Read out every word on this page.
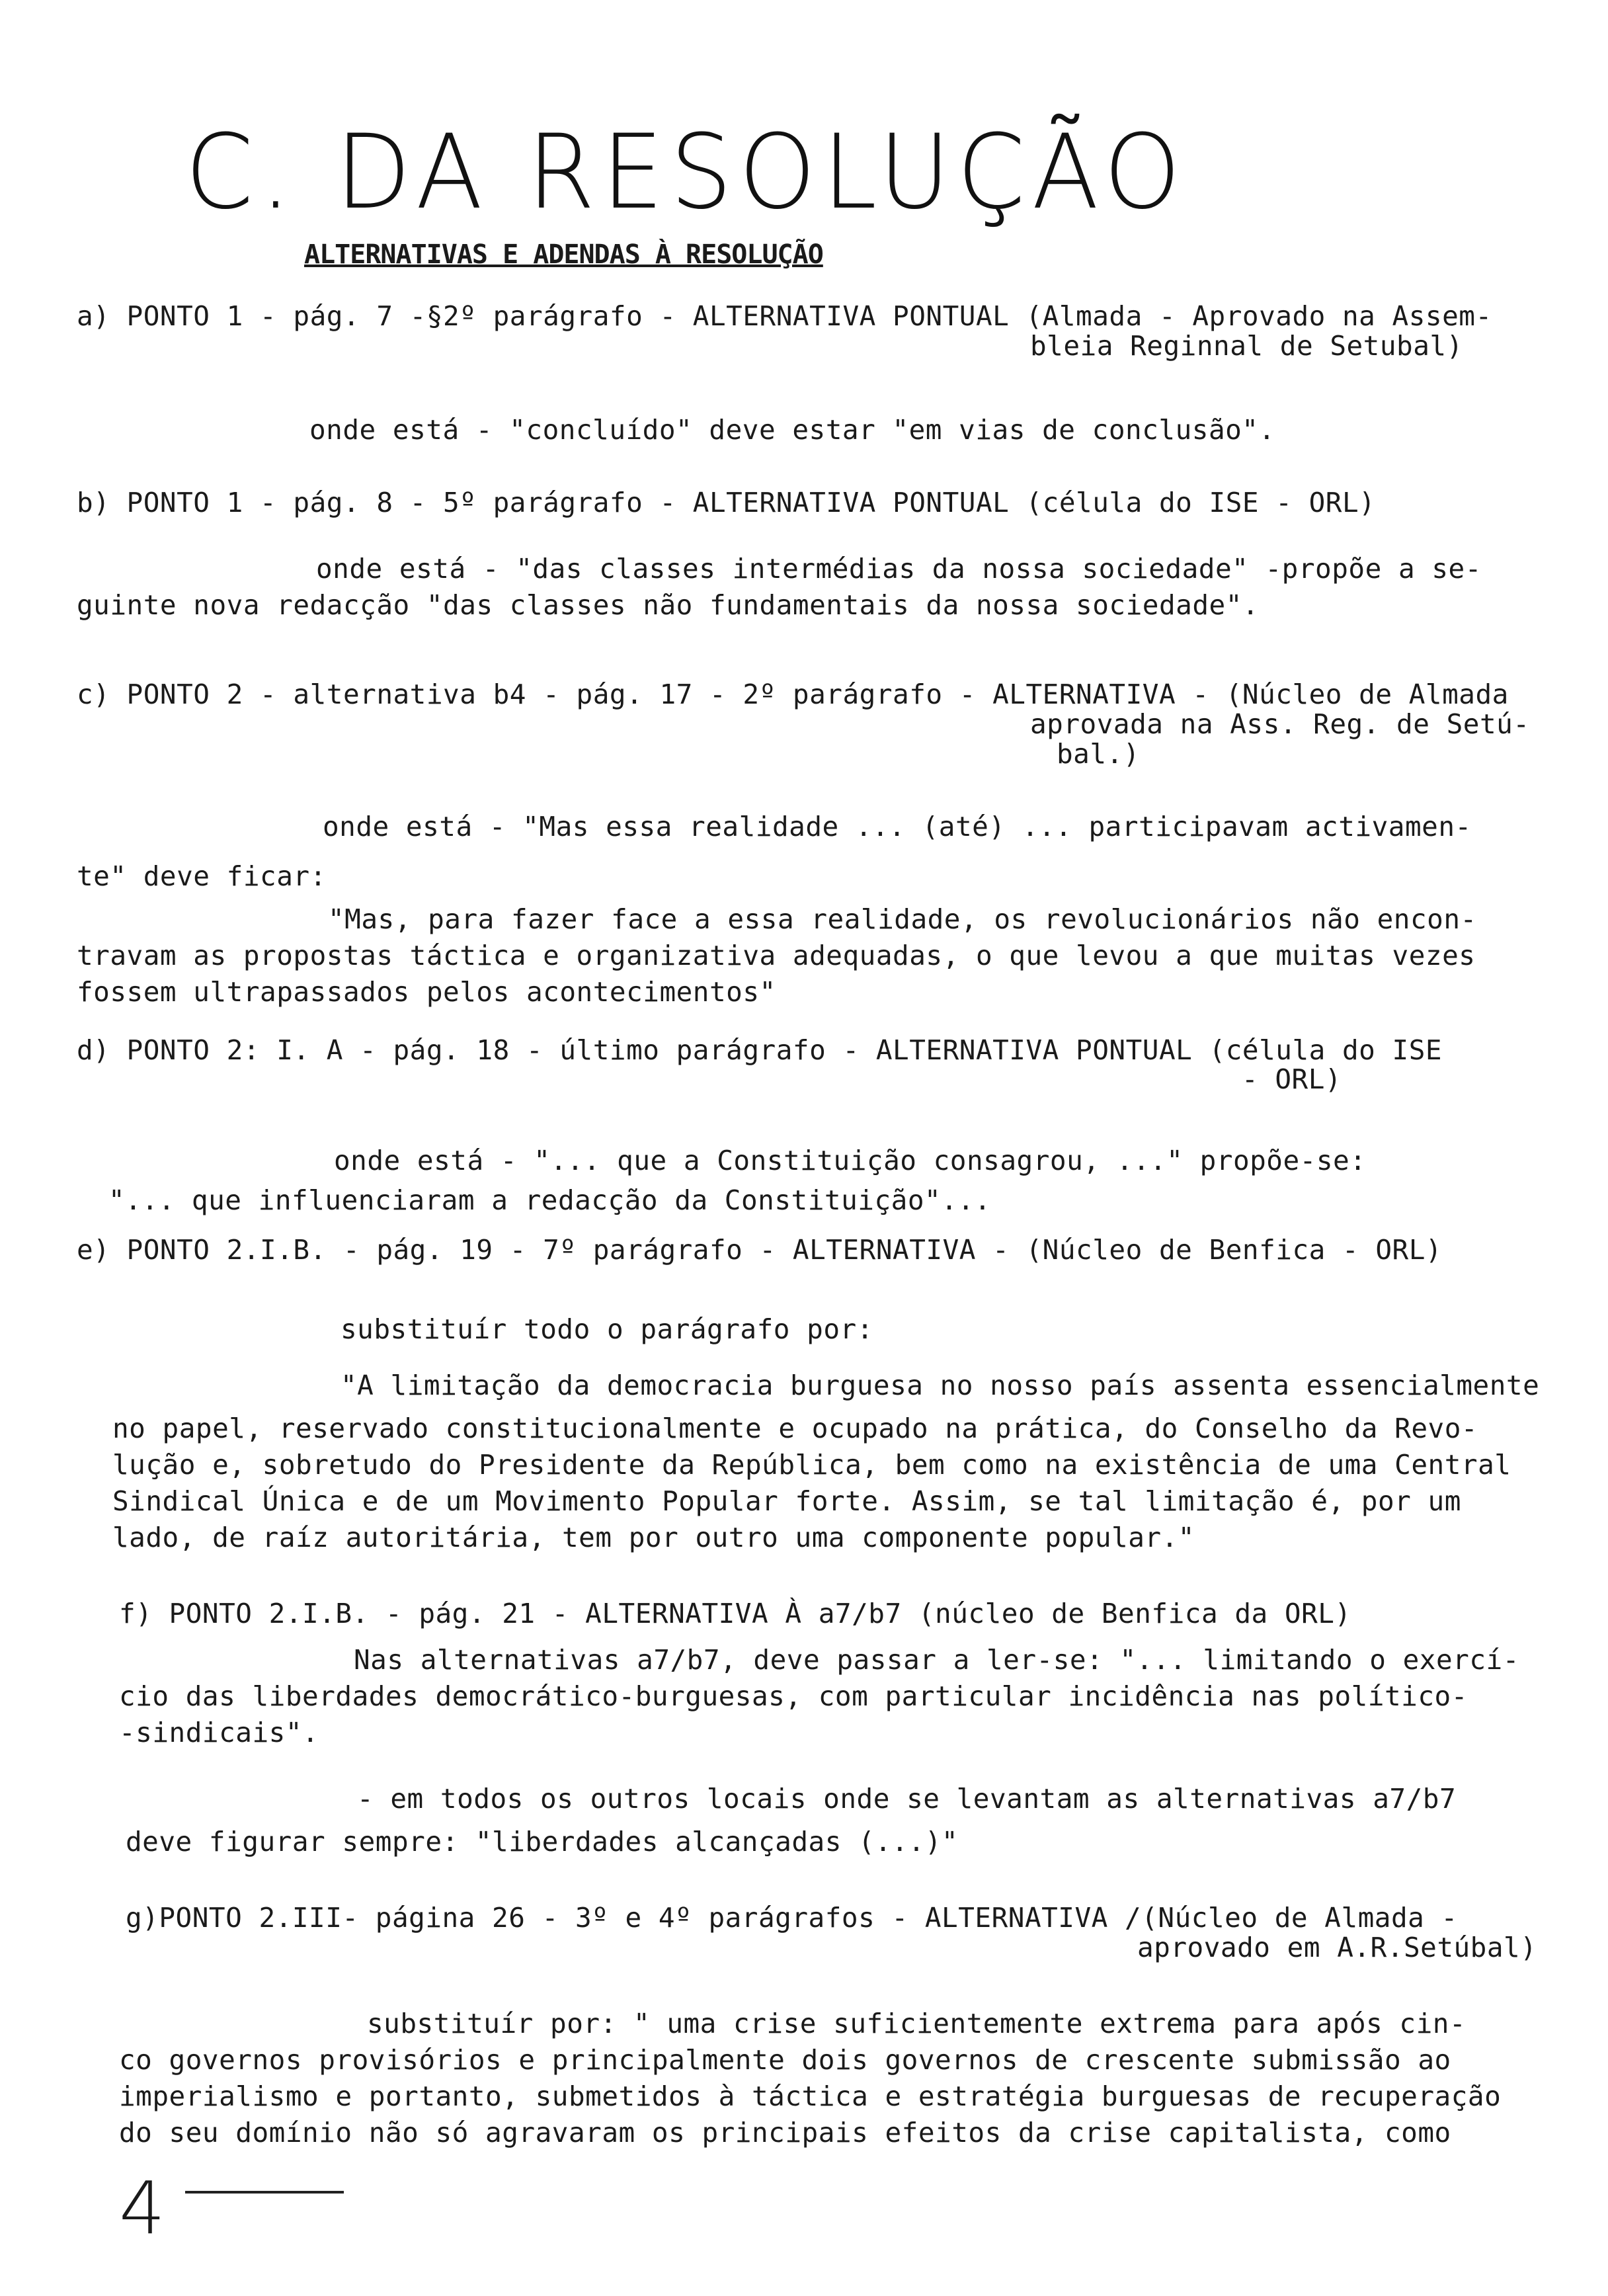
C. DA RESOLUÇÃO
ALTERNATIVAS E ADENDAS À RESOLUÇÃO
a) PONTO 1 - pág. 7 -§2º parágrafo - ALTERNATIVA PONTUAL (Almada - Aprovado na Assem-
bleia Reginnal de Setubal)
onde está - "concluído" deve estar "em vias de conclusão".
b) PONTO 1 - pág. 8 - 5º parágrafo - ALTERNATIVA PONTUAL (célula do ISE - ORL)
onde está - "das classes intermédias da nossa sociedade" -propõe a se-
guinte nova redacção "das classes não fundamentais da nossa sociedade".
c) PONTO 2 - alternativa b4 - pág. 17 - 2º parágrafo - ALTERNATIVA - (Núcleo de Almada
aprovada na Ass. Reg. de Setú-
bal.)
onde está - "Mas essa realidade ... (até) ... participavam activamen-
te" deve ficar:
"Mas, para fazer face a essa realidade, os revolucionários não encon-
travam as propostas táctica e organizativa adequadas, o que levou a que muitas vezes
fossem ultrapassados pelos acontecimentos"
d) PONTO 2: I. A - pág. 18 - último parágrafo - ALTERNATIVA PONTUAL (célula do ISE
- ORL)
onde está - "... que a Constituição consagrou, ..." propõe-se:
"... que influenciaram a redacção da Constituição"...
e) PONTO 2.I.B. - pág. 19 - 7º parágrafo - ALTERNATIVA - (Núcleo de Benfica - ORL)
substituír todo o parágrafo por:
"A limitação da democracia burguesa no nosso país assenta essencialmente
no papel, reservado constitucionalmente e ocupado na prática, do Conselho da Revo-
lução e, sobretudo do Presidente da República, bem como na existência de uma Central
Sindical Única e de um Movimento Popular forte. Assim, se tal limitação é, por um
lado, de raíz autoritária, tem por outro uma componente popular."
f) PONTO 2.I.B. - pág. 21 - ALTERNATIVA À a7/b7 (núcleo de Benfica da ORL)
Nas alternativas a7/b7, deve passar a ler-se: "... limitando o exercí-
cio das liberdades democrático-burguesas, com particular incidência nas político-
-sindicais".
- em todos os outros locais onde se levantam as alternativas a7/b7
deve figurar sempre: "liberdades alcançadas (...)"
g)PONTO 2.III- página 26 - 3º e 4º parágrafos - ALTERNATIVA /(Núcleo de Almada -
aprovado em A.R.Setúbal)
substituír por: " uma crise suficientemente extrema para após cin-
co governos provisórios e principalmente dois governos de crescente submissão ao
imperialismo e portanto, submetidos à táctica e estratégia burguesas de recuperação
do seu domínio não só agravaram os principais efeitos da crise capitalista, como
4
